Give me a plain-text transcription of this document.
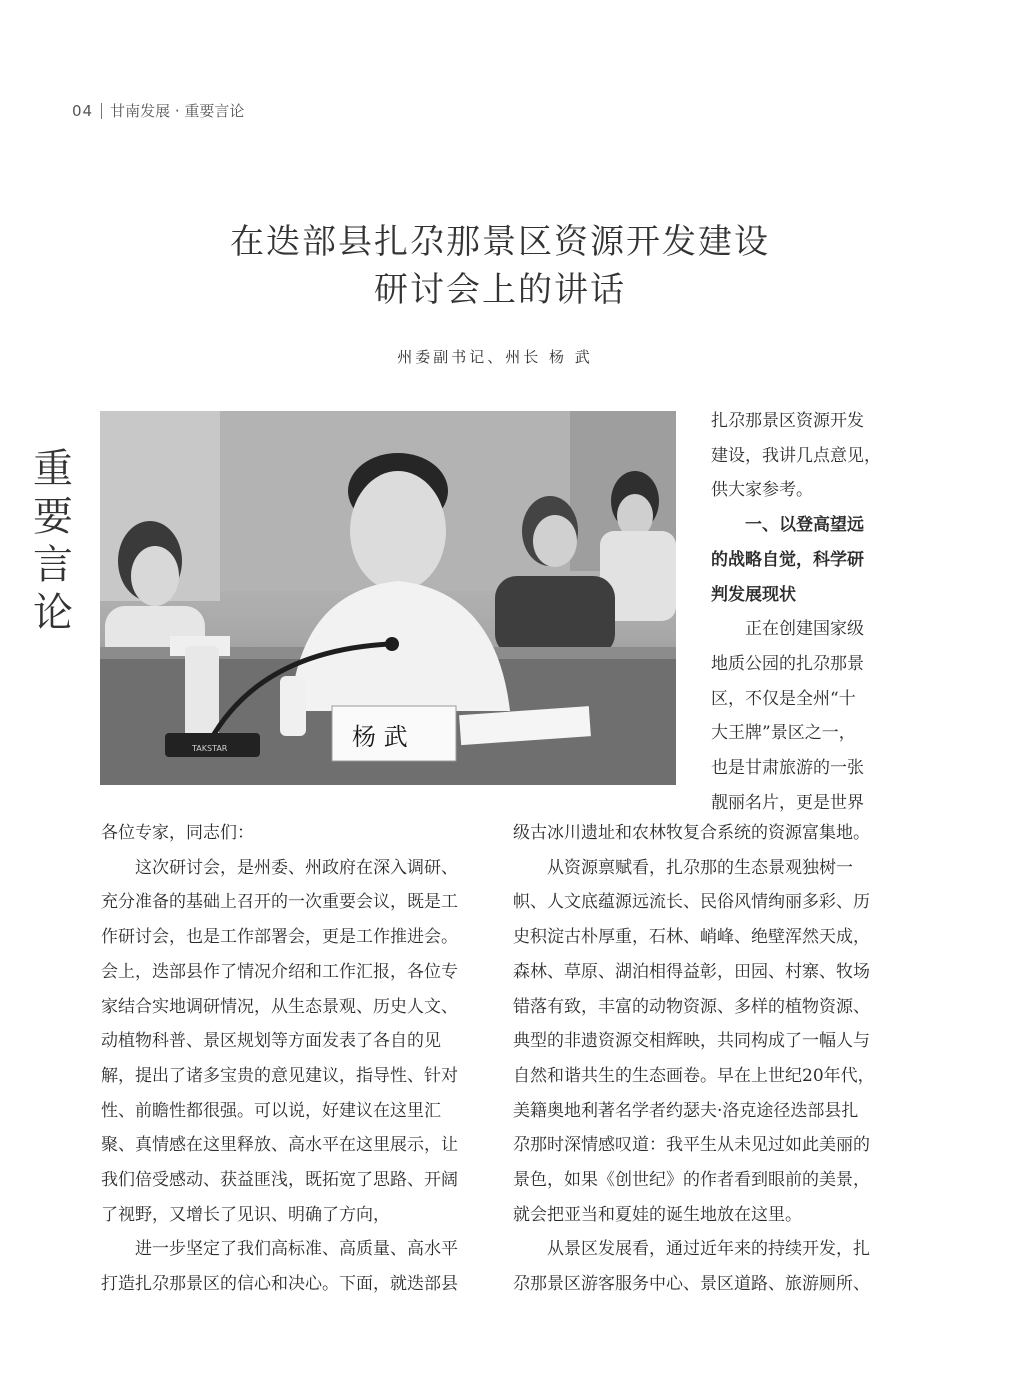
04 甘南发展 · 重要言论
在迭部县扎尕那景区资源开发建设
研讨会上的讲话
州委副书记、州长 杨 武
重
要
言
论
TAKSTAR	杨 武

扎尕那景区资源开发

建设，我讲几点意见，

供大家参考。

一、以登高望远

的战略自觉，科学研

判发展现状

正在创建国家级

地质公园的扎尕那景

区，不仅是全州“十

大王牌”景区之一，

也是甘肃旅游的一张

靓丽名片，更是世界

各位专家，同志们：

这次研讨会，是州委、州政府在深入调研、

充分准备的基础上召开的一次重要会议，既是工

作研讨会，也是工作部署会，更是工作推进会。

会上，迭部县作了情况介绍和工作汇报，各位专

家结合实地调研情况，从生态景观、历史人文、

动植物科普、景区规划等方面发表了各自的见

解，提出了诸多宝贵的意见建议，指导性、针对

性、前瞻性都很强。可以说，好建议在这里汇

聚、真情感在这里释放、高水平在这里展示，让

我们倍受感动、获益匪浅，既拓宽了思路、开阔

了视野，又增长了见识、明确了方向，

进一步坚定了我们高标准、高质量、高水平

打造扎尕那景区的信心和决心。下面，就迭部县

级古冰川遗址和农林牧复合系统的资源富集地。

从资源禀赋看，扎尕那的生态景观独树一

帜、人文底蕴源远流长、民俗风情绚丽多彩、历

史积淀古朴厚重，石林、峭峰、绝壁浑然天成，

森林、草原、湖泊相得益彰，田园、村寨、牧场

错落有致，丰富的动物资源、多样的植物资源、

典型的非遗资源交相辉映，共同构成了一幅人与

自然和谐共生的生态画卷。早在上世纪20年代，

美籍奥地利著名学者约瑟夫·洛克途径迭部县扎

尕那时深情感叹道：我平生从未见过如此美丽的

景色，如果《创世纪》的作者看到眼前的美景，

就会把亚当和夏娃的诞生地放在这里。

从景区发展看，通过近年来的持续开发，扎

尕那景区游客服务中心、景区道路、旅游厕所、
